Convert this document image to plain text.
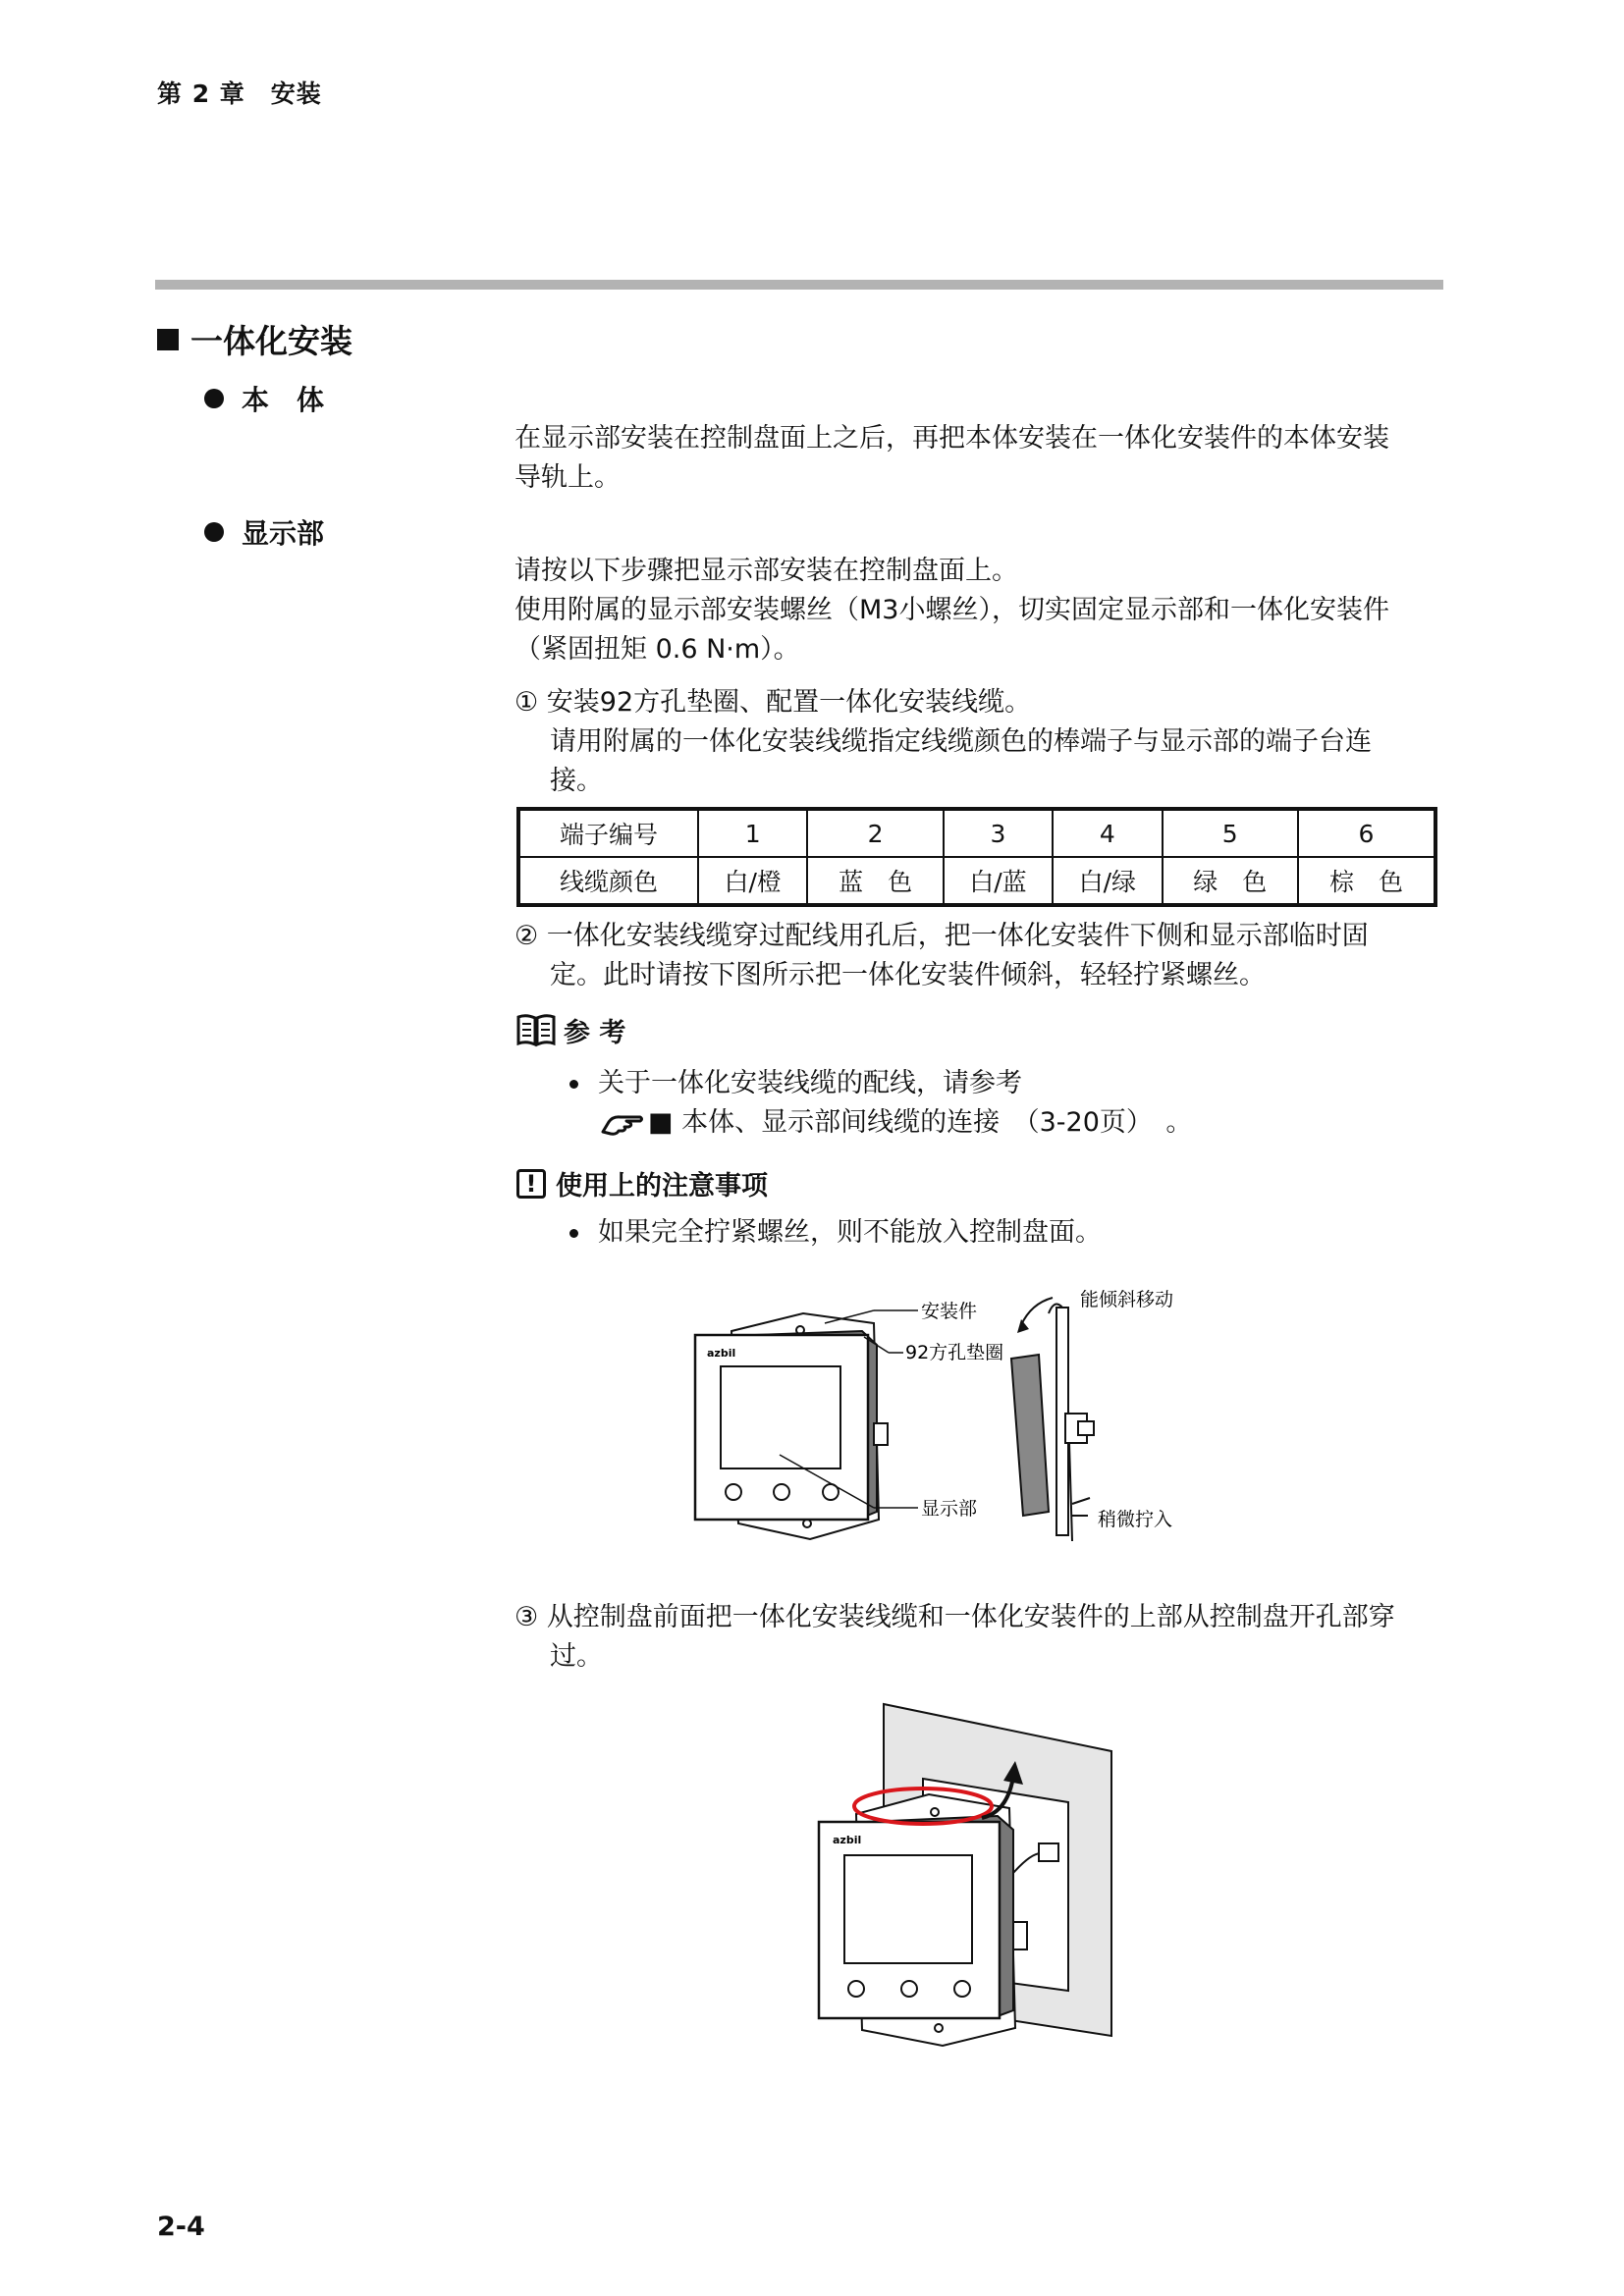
第 2 章　安装
一体化安装
本　体

在显示部安装在控制盘面上之后，再把本体安装在一体化安装件的本体安装

导轨上。

显示部

请按以下步骤把显示部安装在控制盘面上。

使用附属的显示部安装螺丝（M3小螺丝），切实固定显示部和一体化安装件

（紧固扭矩 0.6 N·m）。

① 安装92方孔垫圈、配置一体化安装线缆。

请用附属的一体化安装线缆指定线缆颜色的棒端子与显示部的端子台连

接。

端子编号	1	2	3	4	5	6
线缆颜色	白/橙	蓝　色	白/蓝	白/绿	绿　色	棕　色

② 一体化安装线缆穿过配线用孔后，把一体化安装件下侧和显示部临时固

定。此时请按下图所示把一体化安装件倾斜，轻轻拧紧螺丝。

参 考

关于一体化安装线缆的配线，请参考

■ 本体、显示部间线缆的连接　（3-20页）　。
! 使用上的注意事项

如果完全拧紧螺丝，则不能放入控制盘面。

azbil
安装件
92方孔垫圈
显示部
能倾斜移动
稍微拧入

③ 从控制盘前面把一体化安装线缆和一体化安装件的上部从控制盘开孔部穿

过。

azbil
2-4
